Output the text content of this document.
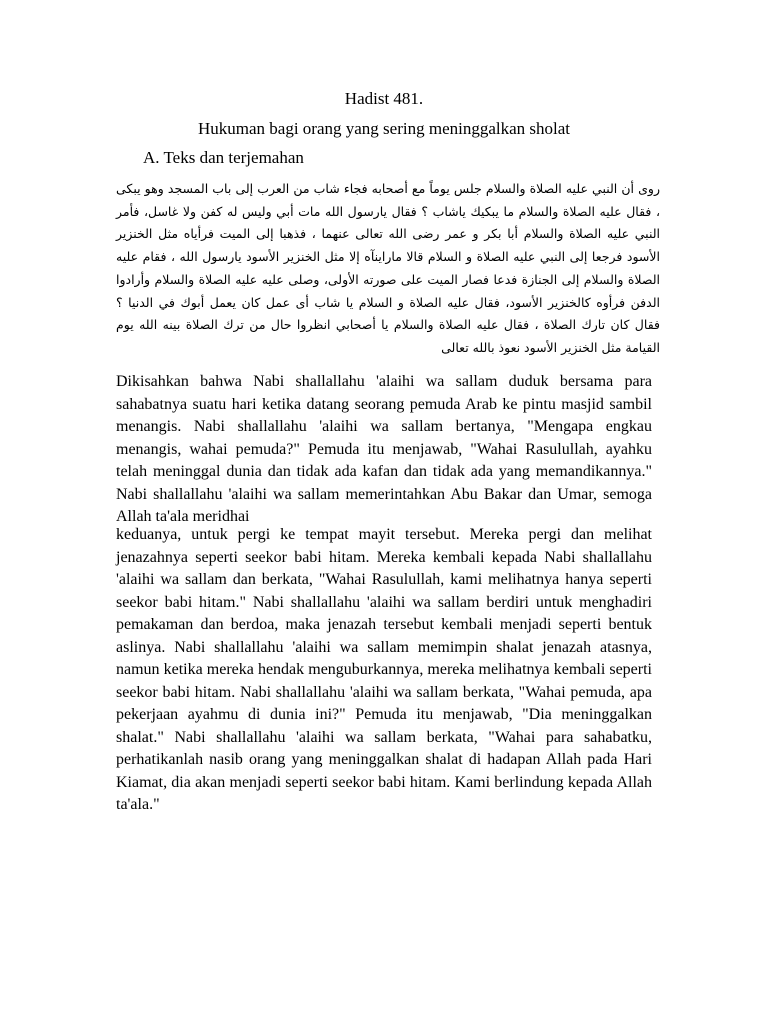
Hadist 481.
Hukuman bagi orang yang sering meninggalkan sholat
A. Teks dan terjemahan
روى أن النبي عليه الصلاة والسلام جلس يوماً مع أصحابه فجاء شاب من العرب إلى باب المسجد وهو يبكى ، فقال عليه الصلاة والسلام ما يبكيك ياشاب ؟ فقال يارسول الله مات أبي وليس له كفن ولا غاسل، فأمر النبي عليه الصلاة والسلام أبا بكر و عمر رضى الله تعالى عنهما ، فذهبا إلى الميت فرأياه مثل الخنزير الأسود فرجعا إلى النبي عليه الصلاة و السلام قالا ماراينآه إلا مثل الخنزير الأسود يارسول الله ، فقام عليه الصلاة والسلام إلى الجنازة فدعا فصار الميت على صورته الأولى، وصلى عليه عليه الصلاة والسلام وأرادوا الدفن فرأوه كالخنزير الأسود، فقال عليه الصلاة و السلام يا شاب أى عمل كان يعمل أبوك في الدنيا ؟ فقال كان تارك الصلاة ، فقال عليه الصلاة والسلام يا أصحابي انظروا حال من ترك الصلاة بينه الله يوم القيامة مثل الخنزير الأسود نعوذ بالله تعالى
Dikisahkan bahwa Nabi shallallahu 'alaihi wa sallam duduk bersama para sahabatnya suatu hari ketika datang seorang pemuda Arab ke pintu masjid sambil menangis. Nabi shallallahu 'alaihi wa sallam bertanya, "Mengapa engkau menangis, wahai pemuda?" Pemuda itu menjawab, "Wahai Rasulullah, ayahku telah meninggal dunia dan tidak ada kafan dan tidak ada yang memandikannya." Nabi shallallahu 'alaihi wa sallam memerintahkan Abu Bakar dan Umar, semoga Allah ta'ala meridhai
keduanya, untuk pergi ke tempat mayit tersebut. Mereka pergi dan melihat jenazahnya seperti seekor babi hitam. Mereka kembali kepada Nabi shallallahu 'alaihi wa sallam dan berkata, "Wahai Rasulullah, kami melihatnya hanya seperti seekor babi hitam." Nabi shallallahu 'alaihi wa sallam berdiri untuk menghadiri pemakaman dan berdoa, maka jenazah tersebut kembali menjadi seperti bentuk aslinya. Nabi shallallahu 'alaihi wa sallam memimpin shalat jenazah atasnya, namun ketika mereka hendak menguburkannya, mereka melihatnya kembali seperti seekor babi hitam. Nabi shallallahu 'alaihi wa sallam berkata, "Wahai pemuda, apa pekerjaan ayahmu di dunia ini?" Pemuda itu menjawab, "Dia meninggalkan shalat." Nabi shallallahu 'alaihi wa sallam berkata, "Wahai para sahabatku, perhatikanlah nasib orang yang meninggalkan shalat di hadapan Allah pada Hari Kiamat, dia akan menjadi seperti seekor babi hitam. Kami berlindung kepada Allah ta'ala."
